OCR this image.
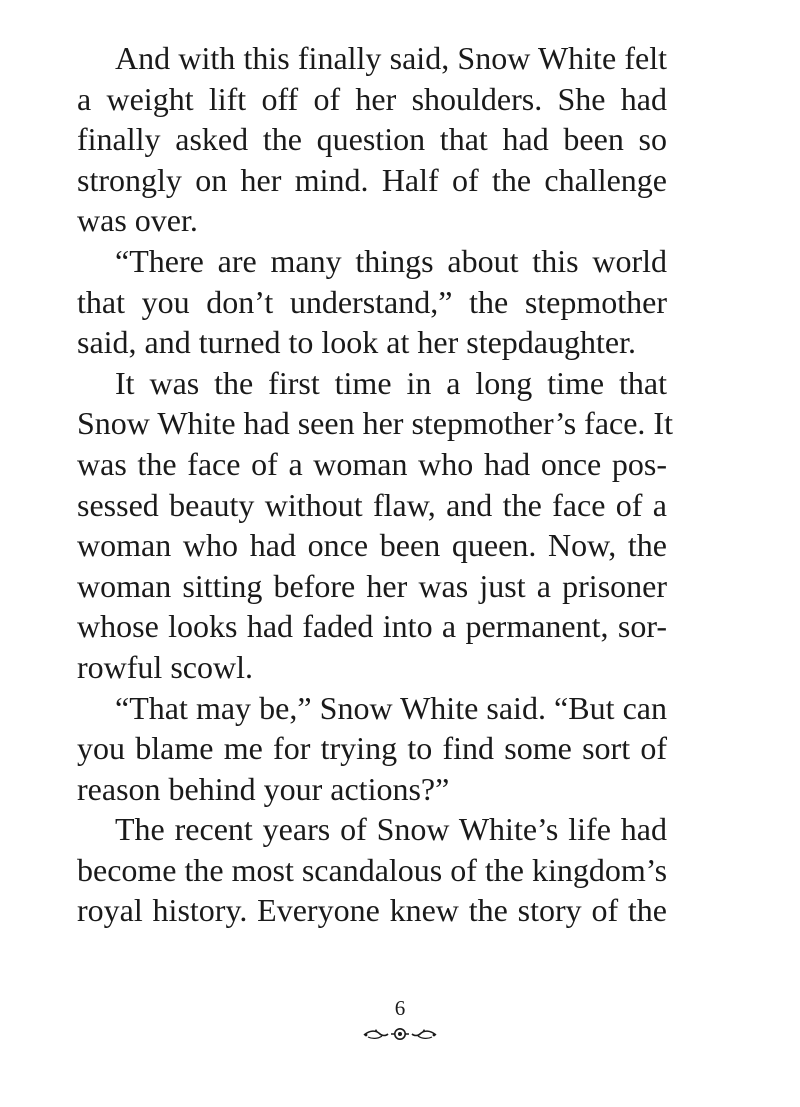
And with this finally said, Snow White felt
a weight lift off of her shoulders. She had
finally asked the question that had been so
strongly on her mind. Half of the challenge
was over.
“There are many things about this world
that you don’t understand,” the stepmother
said, and turned to look at her stepdaughter.
It was the first time in a long time that
Snow White had seen her stepmother’s face. It
was the face of a woman who had once pos-
sessed beauty without flaw, and the face of a
woman who had once been queen. Now, the
woman sitting before her was just a prisoner
whose looks had faded into a permanent, sor-
rowful scowl.
“That may be,” Snow White said. “But can
you blame me for trying to find some sort of
reason behind your actions?”
The recent years of Snow White’s life had
become the most scandalous of the kingdom’s
royal history. Everyone knew the story of the
6
